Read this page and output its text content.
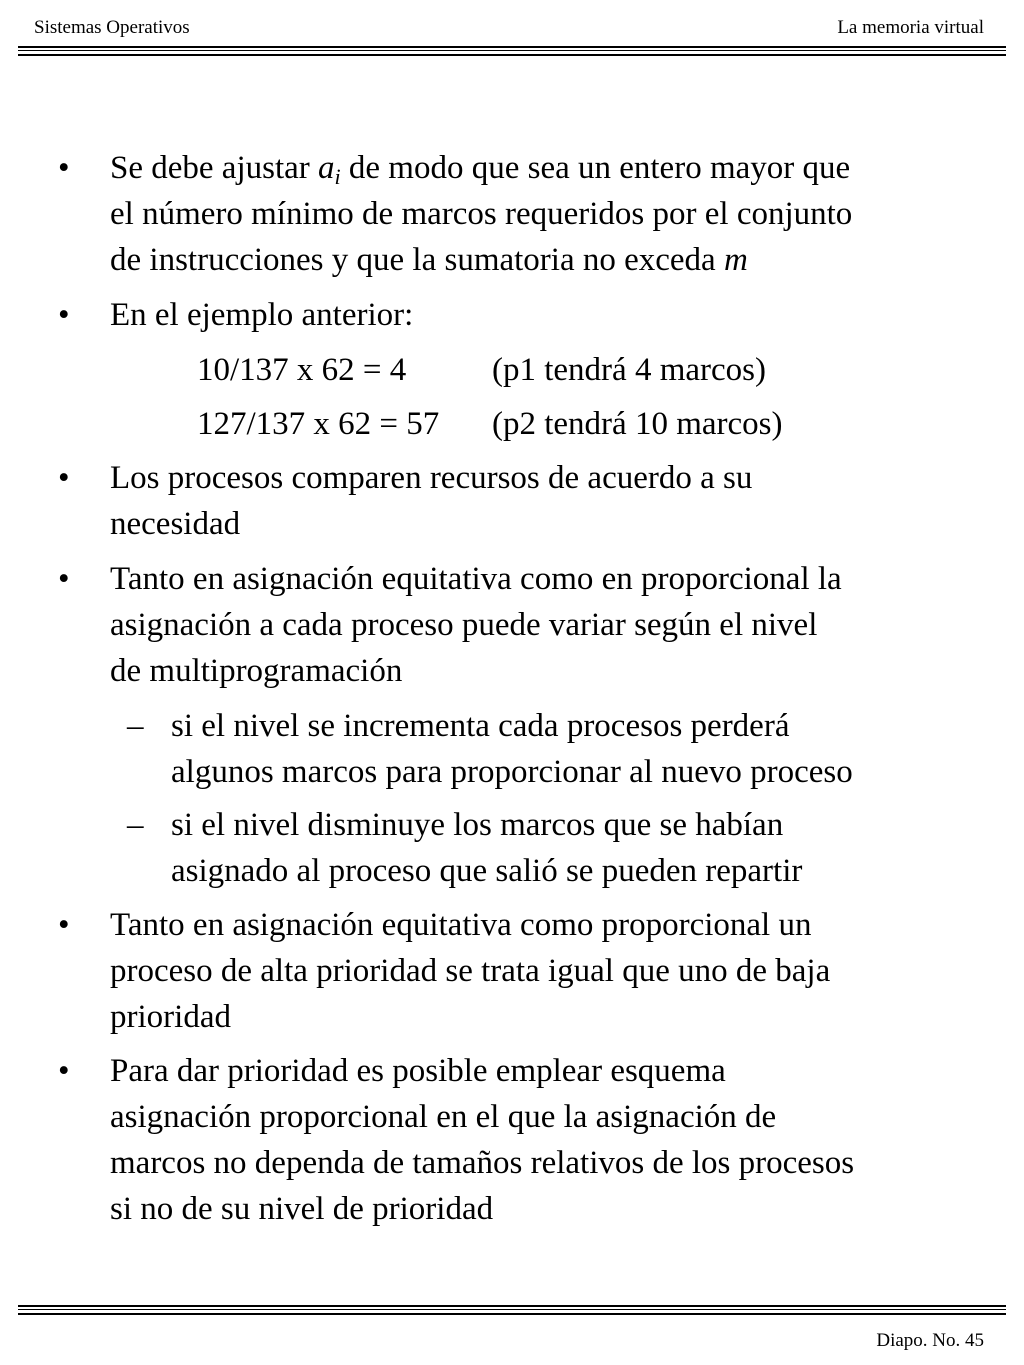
Sistemas Operativos	La memoria virtual
• Se debe ajustar $a_i$ de modo que sea un entero mayor que
el número mínimo de marcos requeridos por el conjunto
de instrucciones y que la sumatoria no exceda m
• En el ejemplo anterior:
10/137 x 62 = 4	(p1 tendrá 4 marcos)
127/137 x 62 = 57 (p2 tendrá 10 marcos)
• Los procesos comparen recursos de acuerdo a su
necesidad
• Tanto en asignación equitativa como en proporcional la
asignación a cada proceso puede variar según el nivel
de multiprogramación
– si el nivel se incrementa cada procesos perderá
algunos marcos para proporcionar al nuevo proceso
– si el nivel disminuye los marcos que se habían
asignado al proceso que salió se pueden repartir
• Tanto en asignación equitativa como proporcional un
proceso de alta prioridad se trata igual que uno de baja
prioridad
• Para dar prioridad es posible emplear esquema
asignación proporcional en el que la asignación de
marcos no dependa de tamaños relativos de los procesos
si no de su nivel de prioridad
Diapo. No. 45
